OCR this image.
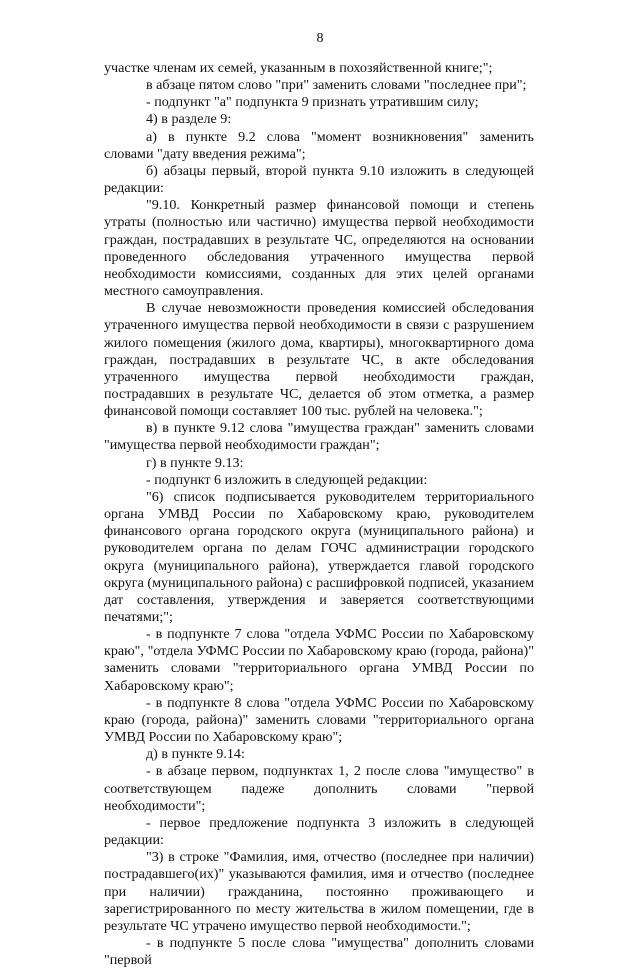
8

участке членам их семей, указанным в похозяйственной книге;";

в абзаце пятом слово "при" заменить словами "последнее при";

- подпункт "а" подпункта 9 признать утратившим силу;

4) в разделе 9:

а) в пункте 9.2 слова "момент возникновения" заменить словами "дату введения режима";

б) абзацы первый, второй пункта 9.10 изложить в следующей редакции:

"9.10. Конкретный размер финансовой помощи и степень утраты (полностью или частично) имущества первой необходимости граждан, пострадавших в результате ЧС, определяются на основании проведенного обследования утраченного имущества первой необходимости комиссиями, созданных для этих целей органами местного самоуправления.

В случае невозможности проведения комиссией обследования утраченного имущества первой необходимости в связи с разрушением жилого помещения (жилого дома, квартиры), многоквартирного дома граждан, пострадавших в результате ЧС, в акте обследования утраченного имущества первой необходимости граждан, пострадавших в результате ЧС, делается об этом отметка, а размер финансовой помощи составляет 100 тыс. рублей на человека.";

в) в пункте 9.12 слова "имущества граждан" заменить словами "имущества первой необходимости граждан";

г) в пункте 9.13:

- подпункт 6 изложить в следующей редакции:

"6) список подписывается руководителем территориального органа УМВД России по Хабаровскому краю, руководителем финансового органа городского округа (муниципального района) и руководителем органа по делам ГОЧС администрации городского округа (муниципального района), утверждается главой городского округа (муниципального района) с расшифровкой подписей, указанием дат составления, утверждения и заверяется соответствующими печатями;";

- в подпункте 7 слова "отдела УФМС России по Хабаровскому краю", "отдела УФМС России по Хабаровскому краю (города, района)" заменить словами "территориального органа УМВД России по Хабаровскому краю";

- в подпункте 8 слова "отдела УФМС России по Хабаровскому краю (города, района)" заменить словами "территориального органа УМВД России по Хабаровскому краю";

д) в пункте 9.14:

- в абзаце первом, подпунктах 1, 2 после слова "имущество" в соответствующем падеже дополнить словами "первой необходимости";

- первое предложение подпункта 3 изложить в следующей редакции:

"3) в строке "Фамилия, имя, отчество (последнее при наличии) пострадавшего(их)" указываются фамилия, имя и отчество (последнее при наличии) гражданина, постоянно проживающего и зарегистрированного по месту жительства в жилом помещении, где в результате ЧС утрачено имущество первой необходимости.";

- в подпункте 5 после слова "имущества" дополнить словами "первой
